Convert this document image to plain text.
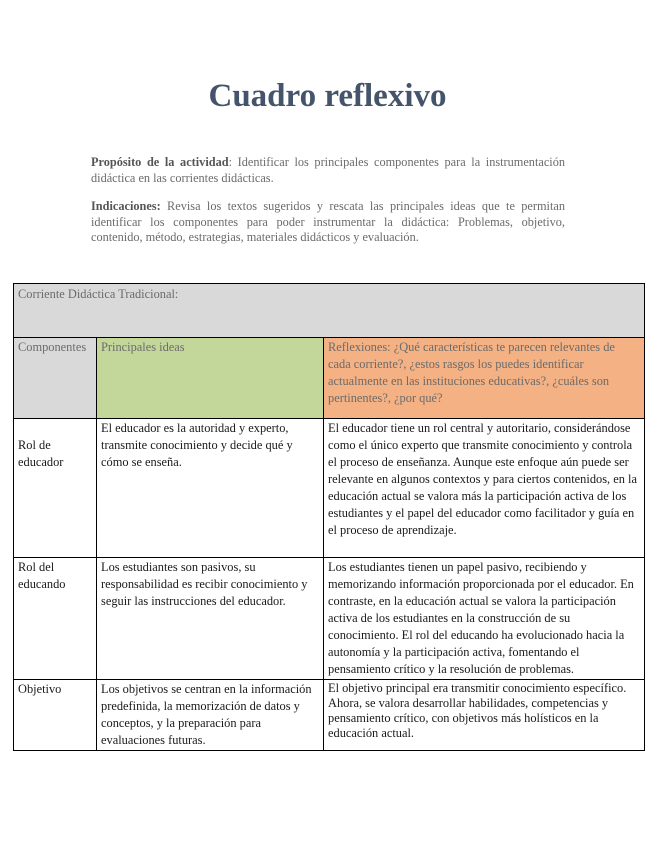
Cuadro reflexivo

Propósito de la actividad: Identificar los principales componentes para la instrumentación didáctica en las corrientes didácticas.

Indicaciones: Revisa los textos sugeridos y rescata las principales ideas que te permitan identificar los componentes para poder instrumentar la didáctica: Problemas, objetivo, contenido, método, estrategias, materiales didácticos y evaluación.

Corriente Didáctica Tradicional:		
Componentes	Principales ideas	Reflexiones: ¿Qué características te parecen relevantes de cada corriente?, ¿estos rasgos los puedes identificar actualmente en las instituciones educativas?, ¿cuáles son pertinentes?, ¿por qué?

Rol de educador	El educador es la autoridad y experto, transmite conocimiento y decide qué y cómo se enseña.	El educador tiene un rol central y autoritario, considerándose como el único experto que transmite conocimiento y controla el proceso de enseñanza. Aunque este enfoque aún puede ser relevante en algunos contextos y para ciertos contenidos, en la educación actual se valora más la participación activa de los estudiantes y el papel del educador como facilitador y guía en el proceso de aprendizaje.
Rol del educando	Los estudiantes son pasivos, su responsabilidad es recibir conocimiento y seguir las instrucciones del educador.	Los estudiantes tienen un papel pasivo, recibiendo y memorizando información proporcionada por el educador. En contraste, en la educación actual se valora la participación activa de los estudiantes en la construcción de su conocimiento. El rol del educando ha evolucionado hacia la autonomía y la participación activa, fomentando el pensamiento crítico y la resolución de problemas.
Objetivo	Los objetivos se centran en la información predefinida, la memorización de datos y conceptos, y la preparación para evaluaciones futuras.	El objetivo principal era transmitir conocimiento específico. Ahora, se valora desarrollar habilidades, competencias y pensamiento crítico, con objetivos más holísticos en la educación actual.
